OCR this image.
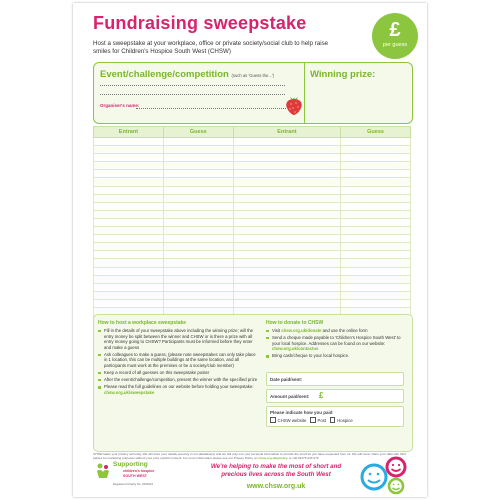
Fundraising sweepstake
Host a sweepstake at your workplace, office or private society/social club to help raise smiles for Children's Hospice South West (CHSW)
£
per guess
Event/challenge/competition (such as 'Guess the...')
Organiser's name:
Winning prize:
Entrant	Guess	Entrant	Guess

How to host a workplace sweepstake
Fill in the details of your sweepstake above including the winning prize; will the entry money be split between the winner and CHSW or is there a prize with all entry money going to CHSW? Participants must be informed before they enter and make a guess
Ask colleagues to make a guess, (please note sweepstakes can only take place in 1 location, this can be multiple buildings at the same location, and all participants must work at the premises or be a society/club member)
Keep a record of all guesses on this sweepstake poster
After the event/challenge/competition, present the winner with the specified prize
Please read the full guidelines on our website before holding your sweepstake: chsw.org.uk/sweepstake
How to donate to CHSW
Visit chsw.org.uk/donate and use the online form
Send a cheque made payable to 'Children's Hospice South West' to your local hospice. Addresses can be found on our website: chsw.org.uk/contactus
Bring cash/cheque to your local hospice.
Date paid/sent:
Amount paid/sent: £
Please indicate how you paid
CHSW website	Post	Hospice
CHSW takes your privacy seriously. We will store your details securely in our database(s) and we will only use your personal information to provide the services you have requested from us. We will never share your data with third parties for marketing purposes without your prior explicit consent. For more information please see our Privacy Policy on chsw.org.uk/privacy or call 01275 233 270
Supporting
children's hospice
SOUTH WEST
Registered Charity No. 1003314
We're helping to make the most of short and precious lives across the South West
www.chsw.org.uk
